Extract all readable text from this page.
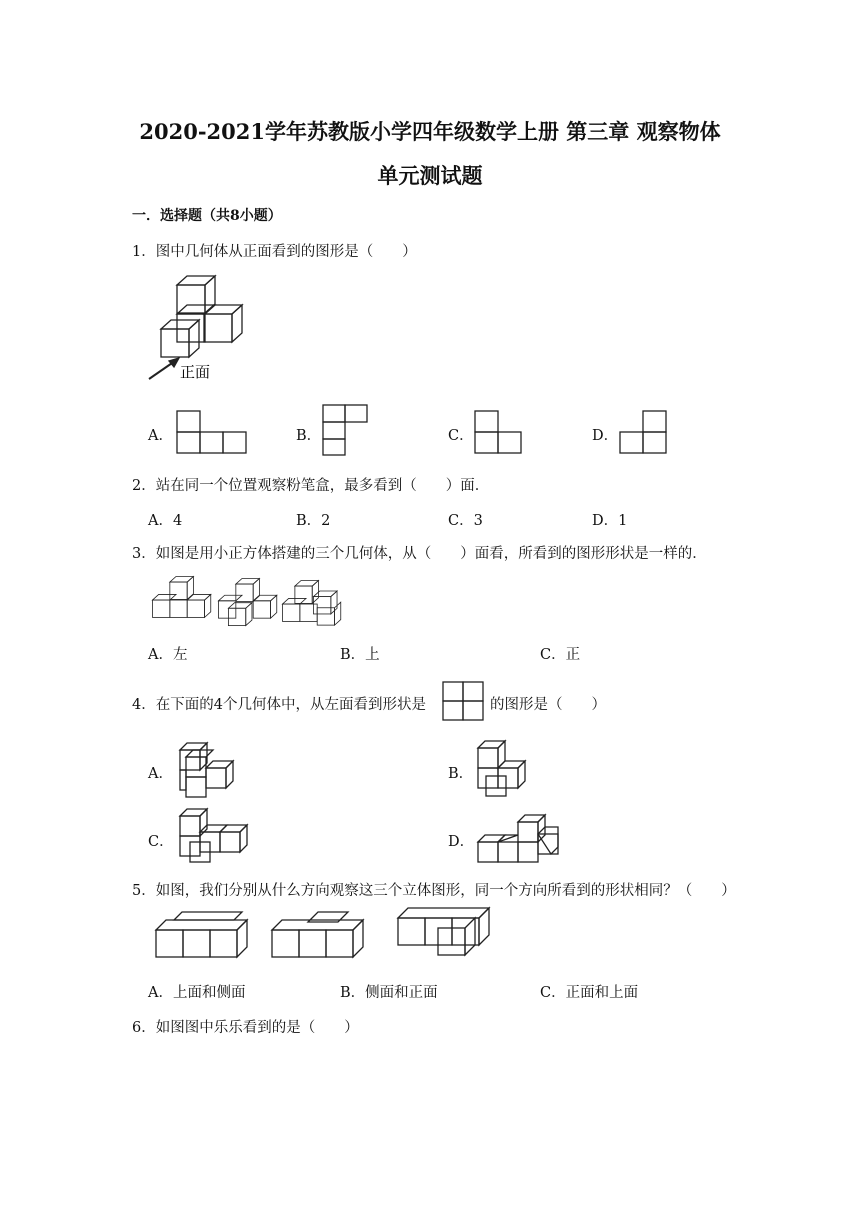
2020-2021学年苏教版小学四年级数学上册 第三章 观察物体
单元测试题
一．选择题（共8小题）
1．图中几何体从正面看到的图形是（　　）
正面
A．	B．	C．	D．
2．站在同一个位置观察粉笔盒，最多看到（　　）面．
A．4	B．2	C．3	D．1
3．如图是用小正方体搭建的三个几何体，从（　　）面看，所看到的图形形状是一样的．
A．左	B．上	C．正
4．在下面的4个几何体中，从左面看到形状是	的图形是（　　）
A．	B．
C．	D．
5．如图，我们分别从什么方向观察这三个立体图形，同一个方向所看到的形状相同？（　　）
A．上面和侧面	B．侧面和正面	C．正面和上面
6．如图图中乐乐看到的是（　　）
